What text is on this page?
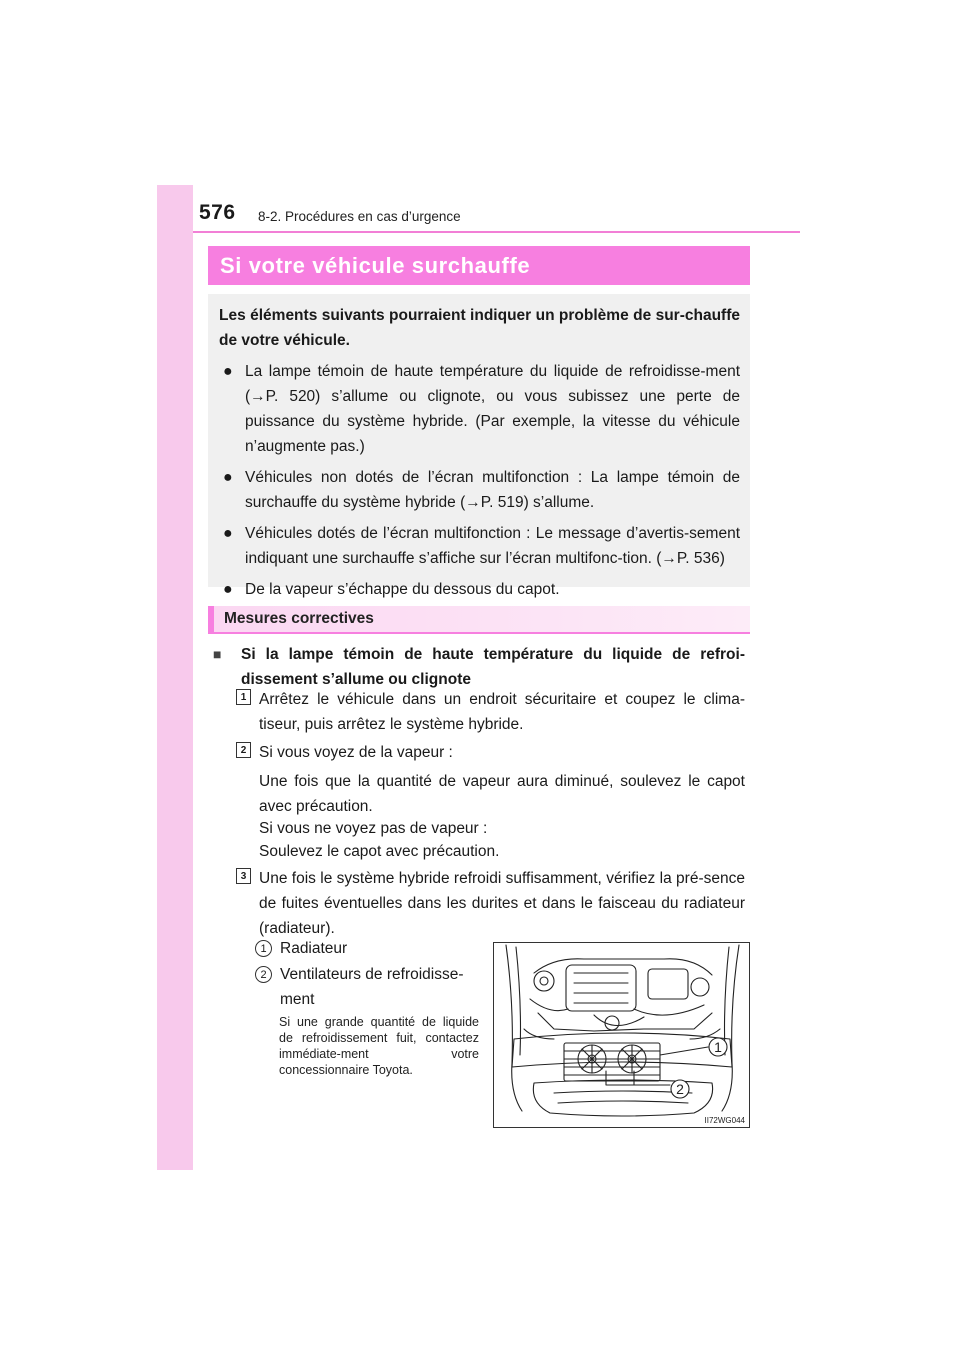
576 8-2. Procédures en cas d’urgence
Si votre véhicule surchauffe

Les éléments suivants pourraient indiquer un problème de sur-chauffe de votre véhicule.

● La lampe témoin de haute température du liquide de refroidisse-ment (→P. 520) s’allume ou clignote, ou vous subissez une perte de puissance du système hybride. (Par exemple, la vitesse du véhicule n’augmente pas.)
● Véhicules non dotés de l’écran multifonction : La lampe témoin de surchauffe du système hybride (→P. 519) s’allume.
● Véhicules dotés de l’écran multifonction : Le message d’avertis-sement indiquant une surchauffe s’affiche sur l’écran multifonc-tion. (→P. 536)
● De la vapeur s’échappe du dessous du capot.
Mesures correctives
■	Si la lampe témoin de haute température du liquide de refroi-dissement s’allume ou clignote
1 Arrêtez le véhicule dans un endroit sécuritaire et coupez le clima-tiseur, puis arrêtez le système hybride.
2 Si vous voyez de la vapeur :
Une fois que la quantité de vapeur aura diminué, soulevez le capot avec précaution.
Si vous ne voyez pas de vapeur :
Soulevez le capot avec précaution.
3 Une fois le système hybride refroidi suffisamment, vérifiez la pré-sence de fuites éventuelles dans les durites et dans le faisceau du radiateur (radiateur).
1 Radiateur
2 Ventilateurs de refroidisse-ment
Si une grande quantité de liquide de refroidissement fuit, contactez immédiate-ment votre concessionnaire Toyota.
1
2
II72WG044
